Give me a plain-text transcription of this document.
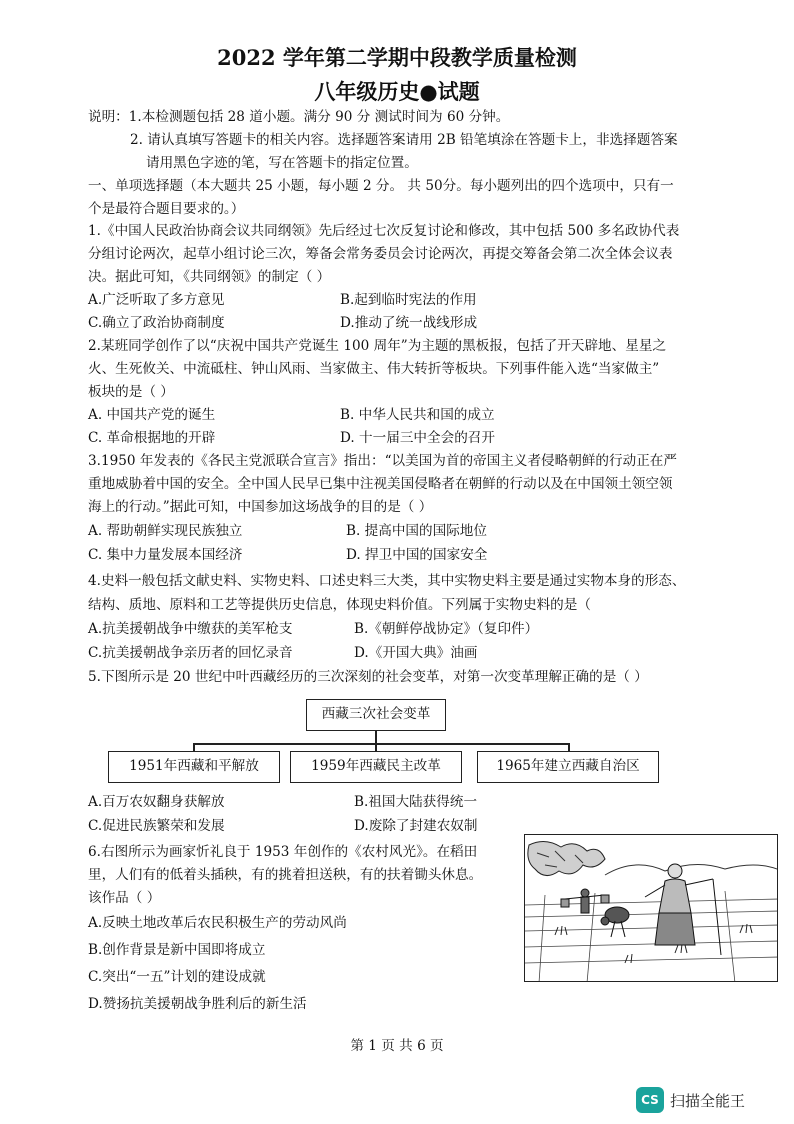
2022 学年第二学期中段教学质量检测
八年级历史●试题
说明：1.本检测题包括 28 道小题。满分 90 分 测试时间为 60 分钟。
2. 请认真填写答题卡的相关内容。选择题答案请用 2B 铅笔填涂在答题卡上，非选择题答案
请用黑色字迹的笔，写在答题卡的指定位置。
一、单项选择题（本大题共 25 小题，每小题 2 分。 共 50分。每小题列出的四个选项中，只有一
个是最符合题目要求的。）
1.《中国人民政治协商会议共同纲领》先后经过七次反复讨论和修改，其中包括 500 多名政协代表
分组讨论两次，起草小组讨论三次，筹备会常务委员会讨论两次，再提交筹备会第二次全体会议表
决。据此可知，《共同纲领》的制定（ ）
A.广泛听取了多方意见	B.起到临时宪法的作用
C.确立了政治协商制度	D.推动了统一战线形成
2.某班同学创作了以“庆祝中国共产党诞生 100 周年”为主题的黑板报，包括了开天辟地、星星之
火、生死攸关、中流砥柱、钟山风雨、当家做主、伟大转折等板块。下列事件能入选“当家做主”
板块的是（ ）
A. 中国共产党的诞生	B. 中华人民共和国的成立
C. 革命根据地的开辟	D. 十一届三中全会的召开
3.1950 年发表的《各民主党派联合宣言》指出：“以美国为首的帝国主义者侵略朝鲜的行动正在严
重地威胁着中国的安全。全中国人民早已集中注视美国侵略者在朝鲜的行动以及在中国领土领空领
海上的行动。”据此可知，中国参加这场战争的目的是（ ）
A. 帮助朝鲜实现民族独立	B. 提高中国的国际地位
C. 集中力量发展本国经济	D. 捍卫中国的国家安全
4.史料一般包括文献史料、实物史料、口述史料三大类，其中实物史料主要是通过实物本身的形态、
结构、质地、原料和工艺等提供历史信息，体现史料价值。下列属于实物史料的是（
A.抗美援朝战争中缴获的美军枪支	B.《朝鲜停战协定》（复印件）
C.抗美援朝战争亲历者的回忆录音	D.《开国大典》油画
5.下图所示是 20 世纪中叶西藏经历的三次深刻的社会变革，对第一次变革理解正确的是（ ）
西藏三次社会变革
1951年西藏和平解放	1959年西藏民主改革	1965年建立西藏自治区
A.百万农奴翻身获解放	B.祖国大陆获得统一
C.促进民族繁荣和发展	D.废除了封建农奴制
6.右图所示为画家忻礼良于 1953 年创作的《农村风光》。在稻田
里，人们有的低着头插秧，有的挑着担送秧，有的扶着锄头休息。
该作品（ ）
A.反映土地改革后农民积极生产的劳动风尚
B.创作背景是新中国即将成立
C.突出“一五”计划的建设成就
D.赞扬抗美援朝战争胜利后的新生活
第 1 页 共 6 页
CS 扫描全能王
